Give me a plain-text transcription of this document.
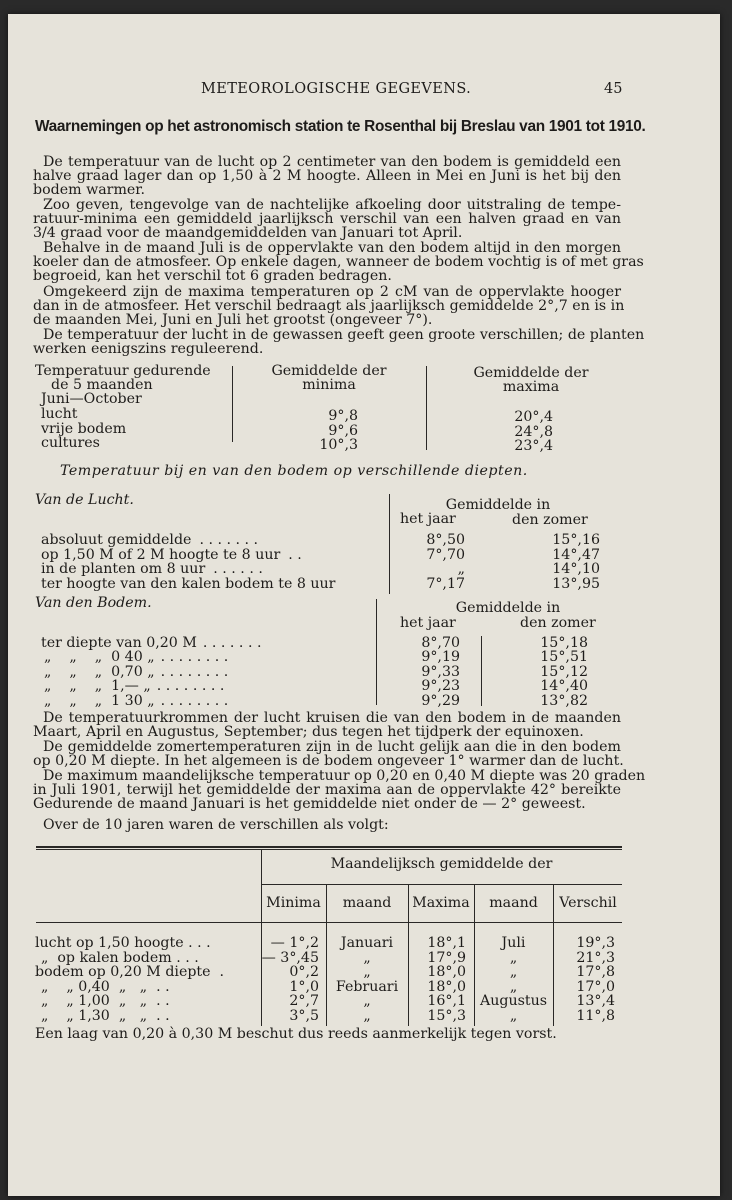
METEOROLOGISCHE GEGEVENS.	45
Waarnemingen op het astronomisch station te Rosenthal bij Breslau van 1901 tot 1910.
De temperatuur van de lucht op 2 centimeter van den bodem is gemiddeld een
halve graad lager dan op 1,50 à 2 M hoogte. Alleen in Mei en Juni is het bij den
bodem warmer.
Zoo geven, tengevolge van de nachtelijke afkoeling door uitstraling de tempe-
ratuur-minima een gemiddeld jaarlijksch verschil van een halven graad en van
3/4 graad voor de maandgemiddelden van Januari tot April.
Behalve in de maand Juli is de oppervlakte van den bodem altijd in den morgen
koeler dan de atmosfeer. Op enkele dagen, wanneer de bodem vochtig is of met gras
begroeid, kan het verschil tot 6 graden bedragen.
Omgekeerd zijn de maxima temperaturen op 2 cM van de oppervlakte hooger
dan in de atmosfeer. Het verschil bedraagt als jaarlijksch gemiddelde 2°,7 en is in
de maanden Mei, Juni en Juli het grootst (ongeveer 7°).
De temperatuur der lucht in de gewassen geeft geen groote verschillen; de planten
werken eenigszins reguleerend.
Temperatuur gedurende
de 5 maanden
Juni—October
Gemiddelde der
minima
Gemiddelde der
maxima
lucht	9°,8	20°,4
vrije bodem	9°,6	24°,8
cultures	10°,3	23°,4
Temperatuur bij en van den bodem op verschillende diepten.
Van de Lucht.	Gemiddelde in
het jaar	den zomer
absoluut gemiddelde . . . . . . .	8°,50	15°,16
op 1,50 M of 2 M hoogte te 8 uur . .	7°,70	14°,47
in de planten om 8 uur . . . . . .	„	14°,10
ter hoogte van den kalen bodem te 8 uur	7°,17	13°,95
Van den Bodem.	Gemiddelde in
het jaar	den zomer
ter diepte van 0,20 M . . . . . . .	8°,70	15°,18
„    „    „  0 40 „ . . . . . . . .	9°,19	15°,51
„    „    „  0,70 „ . . . . . . . .	9°,33	15°,12
„    „    „  1,— „ . . . . . . . .	9°,23	14°,40
„    „    „  1 30 „ . . . . . . . .	9°,29	13°,82
De temperatuurkrommen der lucht kruisen die van den bodem in de maanden
Maart, April en Augustus, September; dus tegen het tijdperk der equinoxen.
De gemiddelde zomertemperaturen zijn in de lucht gelijk aan die in den bodem
op 0,20 M diepte. In het algemeen is de bodem ongeveer 1° warmer dan de lucht.
De maximum maandelijksche temperatuur op 0,20 en 0,40 M diepte was 20 graden
in Juli 1901, terwijl het gemiddelde der maxima aan de oppervlakte 42° bereikte
Gedurende de maand Januari is het gemiddelde niet onder de — 2° geweest.
Over de 10 jaren waren de verschillen als volgt:
Maandelijksch gemiddelde der
Minima	maand	Maxima	maand	Verschil
lucht op 1,50 hoogte . . .	— 1°,2	Januari	18°,1	Juli	19°,3
„  op kalen bodem . . .	— 3°,45	„	17°,9	„	21°,3
bodem op 0,20 M diepte  .	0°,2	„	18°,0	„	17°,8
„    „ 0,40  „   „  . .	1°,0	Februari	18°,0	„	17°,0
„    „ 1,00  „   „  . .	2°,7	„	16°,1 Augustus	13°,4
„    „ 1,30  „   „  . .	3°,5	„	15°,3	„	11°,8
Een laag van 0,20 à 0,30 M beschut dus reeds aanmerkelijk tegen vorst.
